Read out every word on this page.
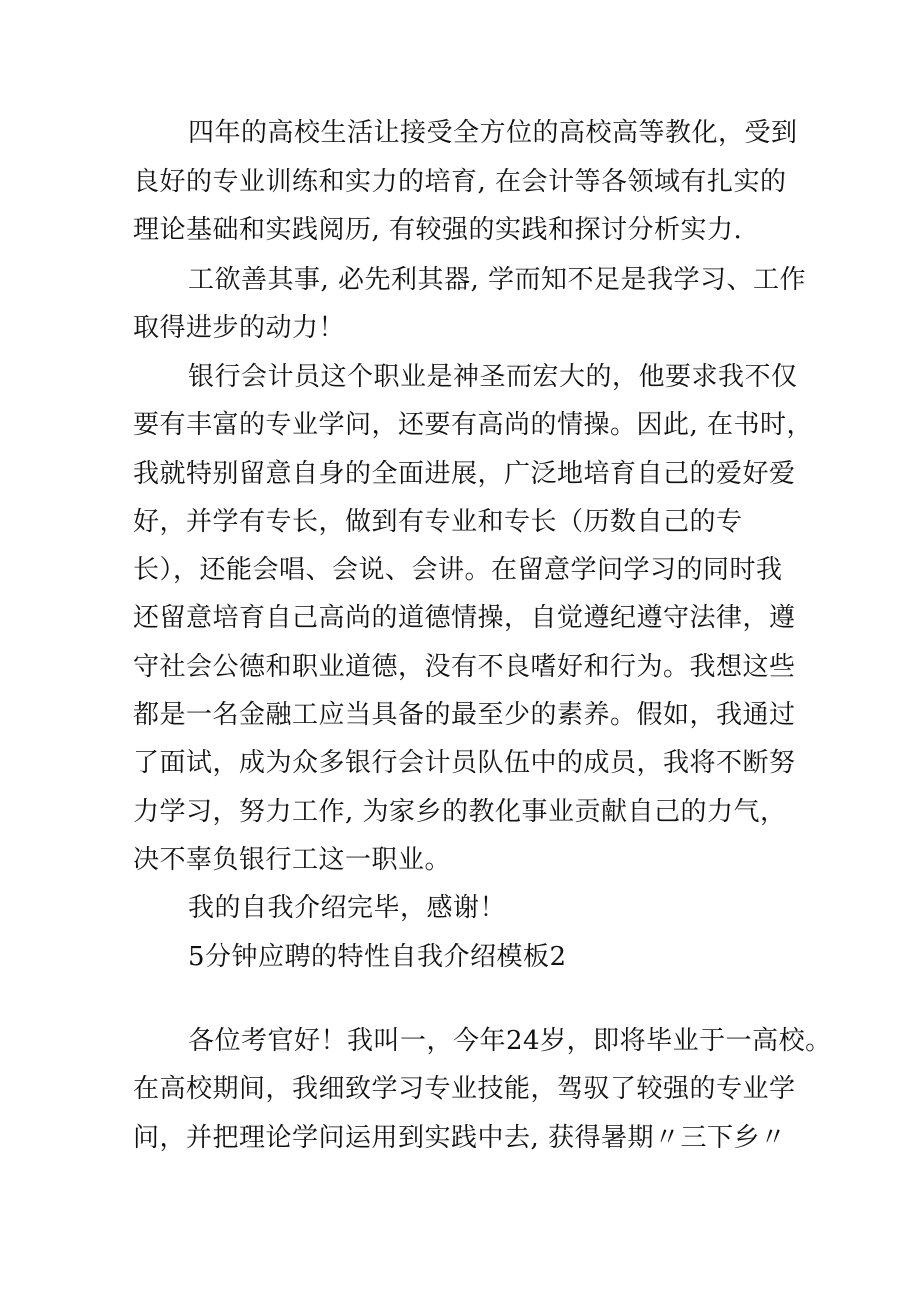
四年的高校生活让接受全方位的高校高等教化，受到
良好的专业训练和实力的培育, 在会计等各领域有扎实的
理论基础和实践阅历, 有较强的实践和探讨分析实力.
工欲善其事, 必先利其器, 学而知不足是我学习、工作
取得进步的动力！
银行会计员这个职业是神圣而宏大的，他要求我不仅
要有丰富的专业学问，还要有高尚的情操。因此, 在书时，
我就特别留意自身的全面进展，广泛地培育自己的爱好爱
好，并学有专长，做到有专业和专长（历数自己的专
长），还能会唱、会说、会讲。在留意学问学习的同时我
还留意培育自己高尚的道德情操，自觉遵纪遵守法律，遵
守社会公德和职业道德，没有不良嗜好和行为。我想这些
都是一名金融工应当具备的最至少的素养。假如，我通过
了面试，成为众多银行会计员队伍中的成员，我将不断努
力学习，努力工作, 为家乡的教化事业贡献自己的力气，
决不辜负银行工这一职业。
我的自我介绍完毕，感谢！
5分钟应聘的特性自我介绍模板2
各位考官好！我叫一，今年24岁，即将毕业于一高校。
在高校期间，我细致学习专业技能，驾驭了较强的专业学
问，并把理论学问运用到实践中去, 获得暑期〃三下乡〃
